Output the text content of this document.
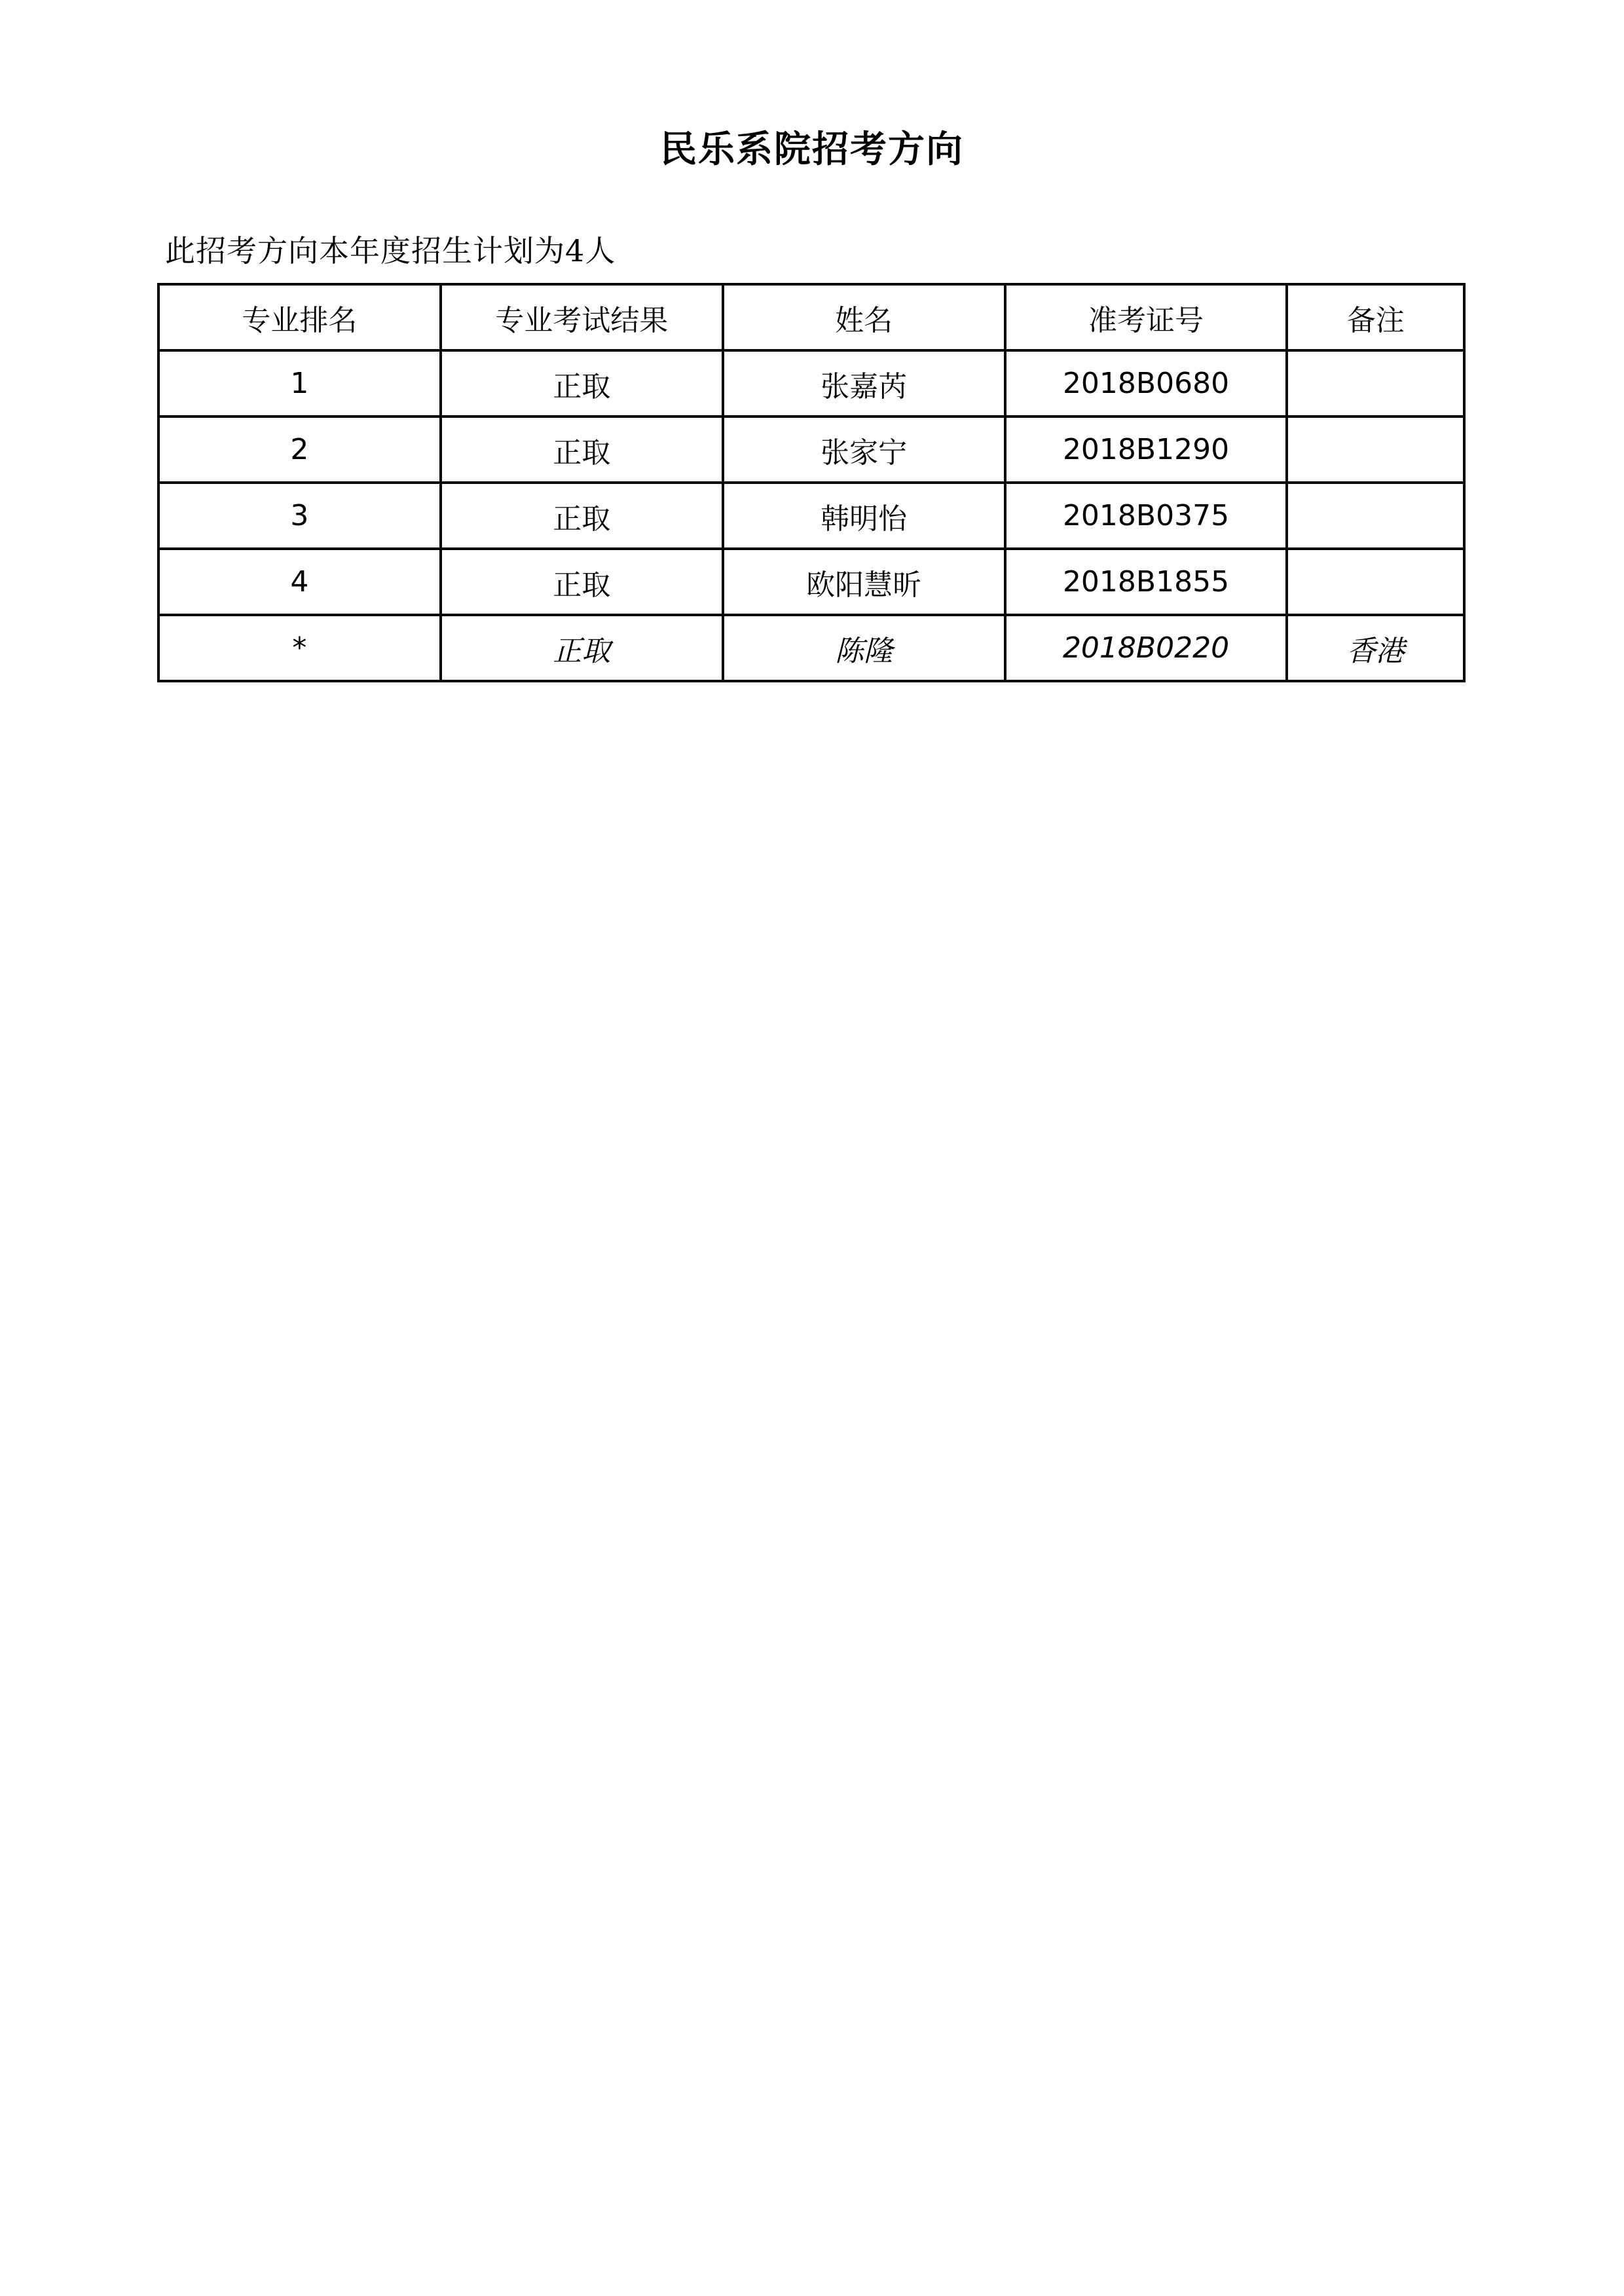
民乐系院招考方向
此招考方向本年度招生计划为4人
专业排名	专业考试结果	姓名	准考证号	备注
1	正取	张嘉芮	2018B0680	
2	正取	张家宁	2018B1290	
3	正取	韩明怡	2018B0375	
4	正取	欧阳慧昕	2018B1855	
*	正取	陈隆	2018B0220	香港
